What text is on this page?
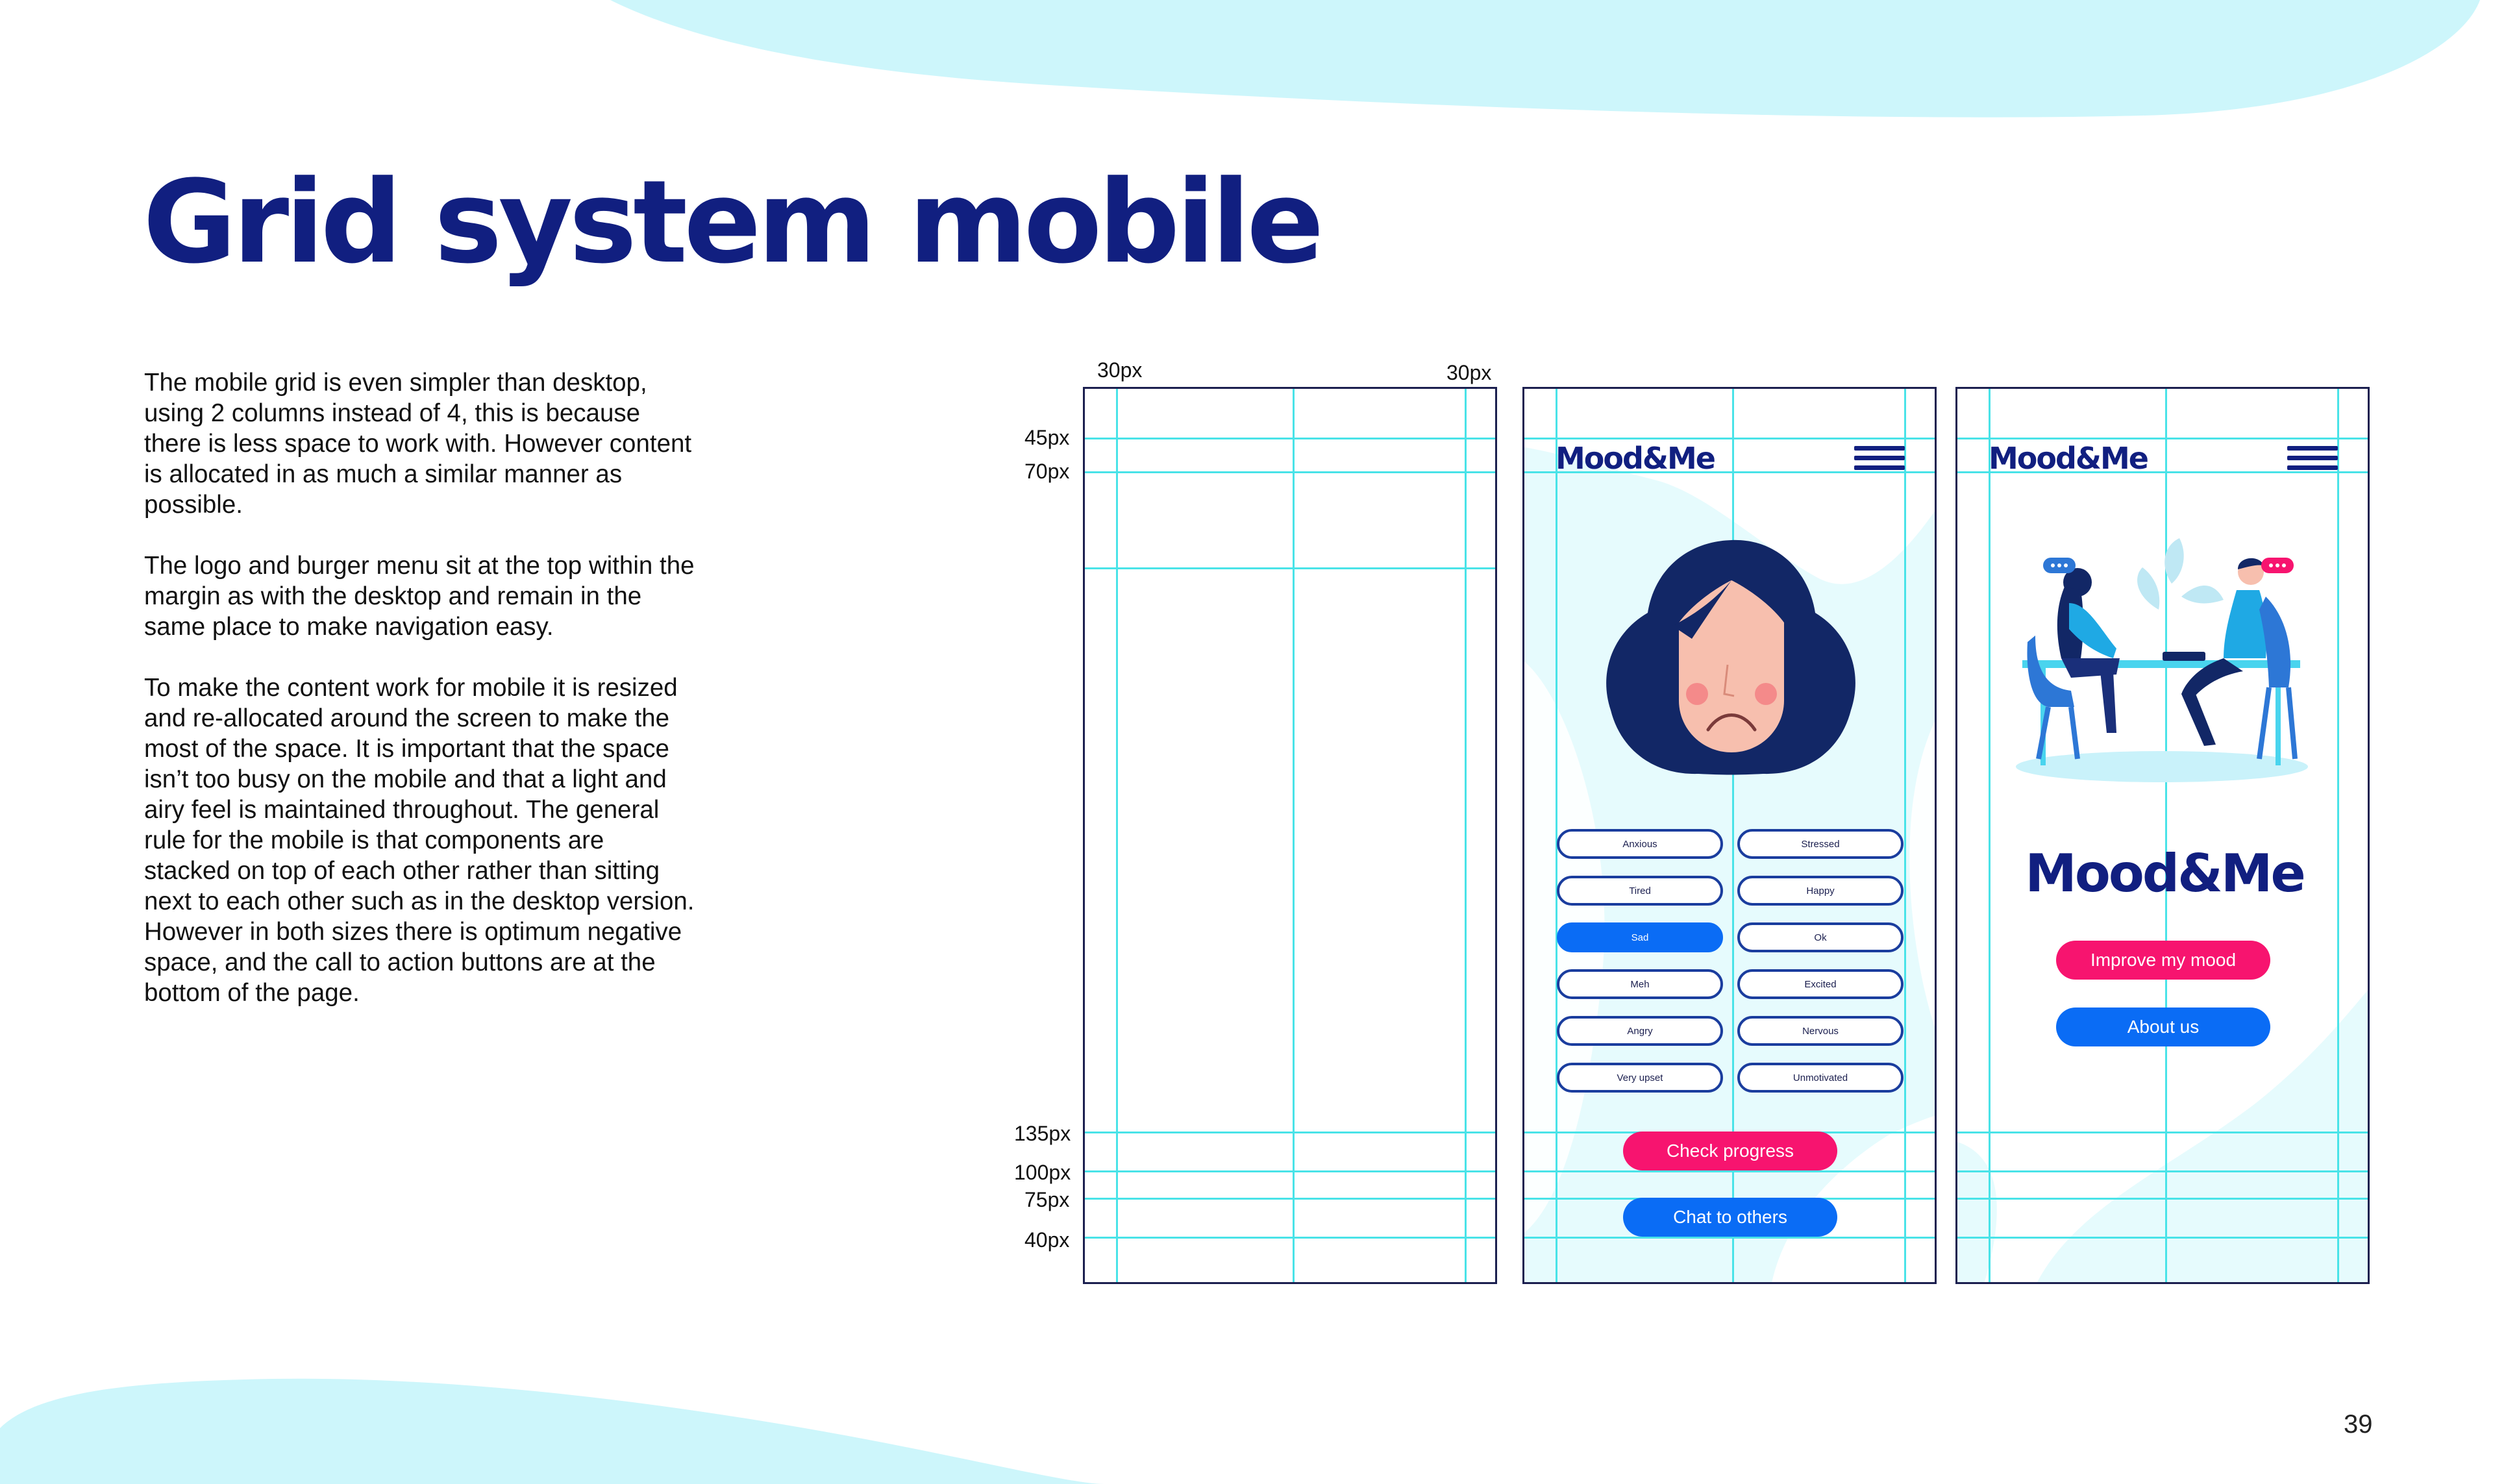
Grid system mobile

The mobile grid is even simpler than desktop, using 2 columns instead of 4, this is because there is less space to work with. However content is allocated in as much a similar manner as possible.

The logo and burger menu sit at the top within the margin as with the desktop and remain in the same place to make navigation easy.

To make the content work for mobile it is resized and re-allocated around the screen to make the most of the space. It is important that the space isn’t too busy on the mobile and that a light and airy feel is maintained throughout. The general rule for the mobile is that components are stacked on top of each other rather than sitting next to each other such as in the desktop version. However in both sizes there is optimum negative space, and the call to action buttons are at the bottom of the page.

30px	30px
45px
70px
135px
100px
75px
40px
Mood&Me
Anxious	Stressed
Tired	Happy
Sad	Ok
Meh	Excited
Angry	Nervous
Very upset	Unmotivated
Check progress
Chat to others
Mood&Me
Mood&Me
Improve my mood
About us
39
